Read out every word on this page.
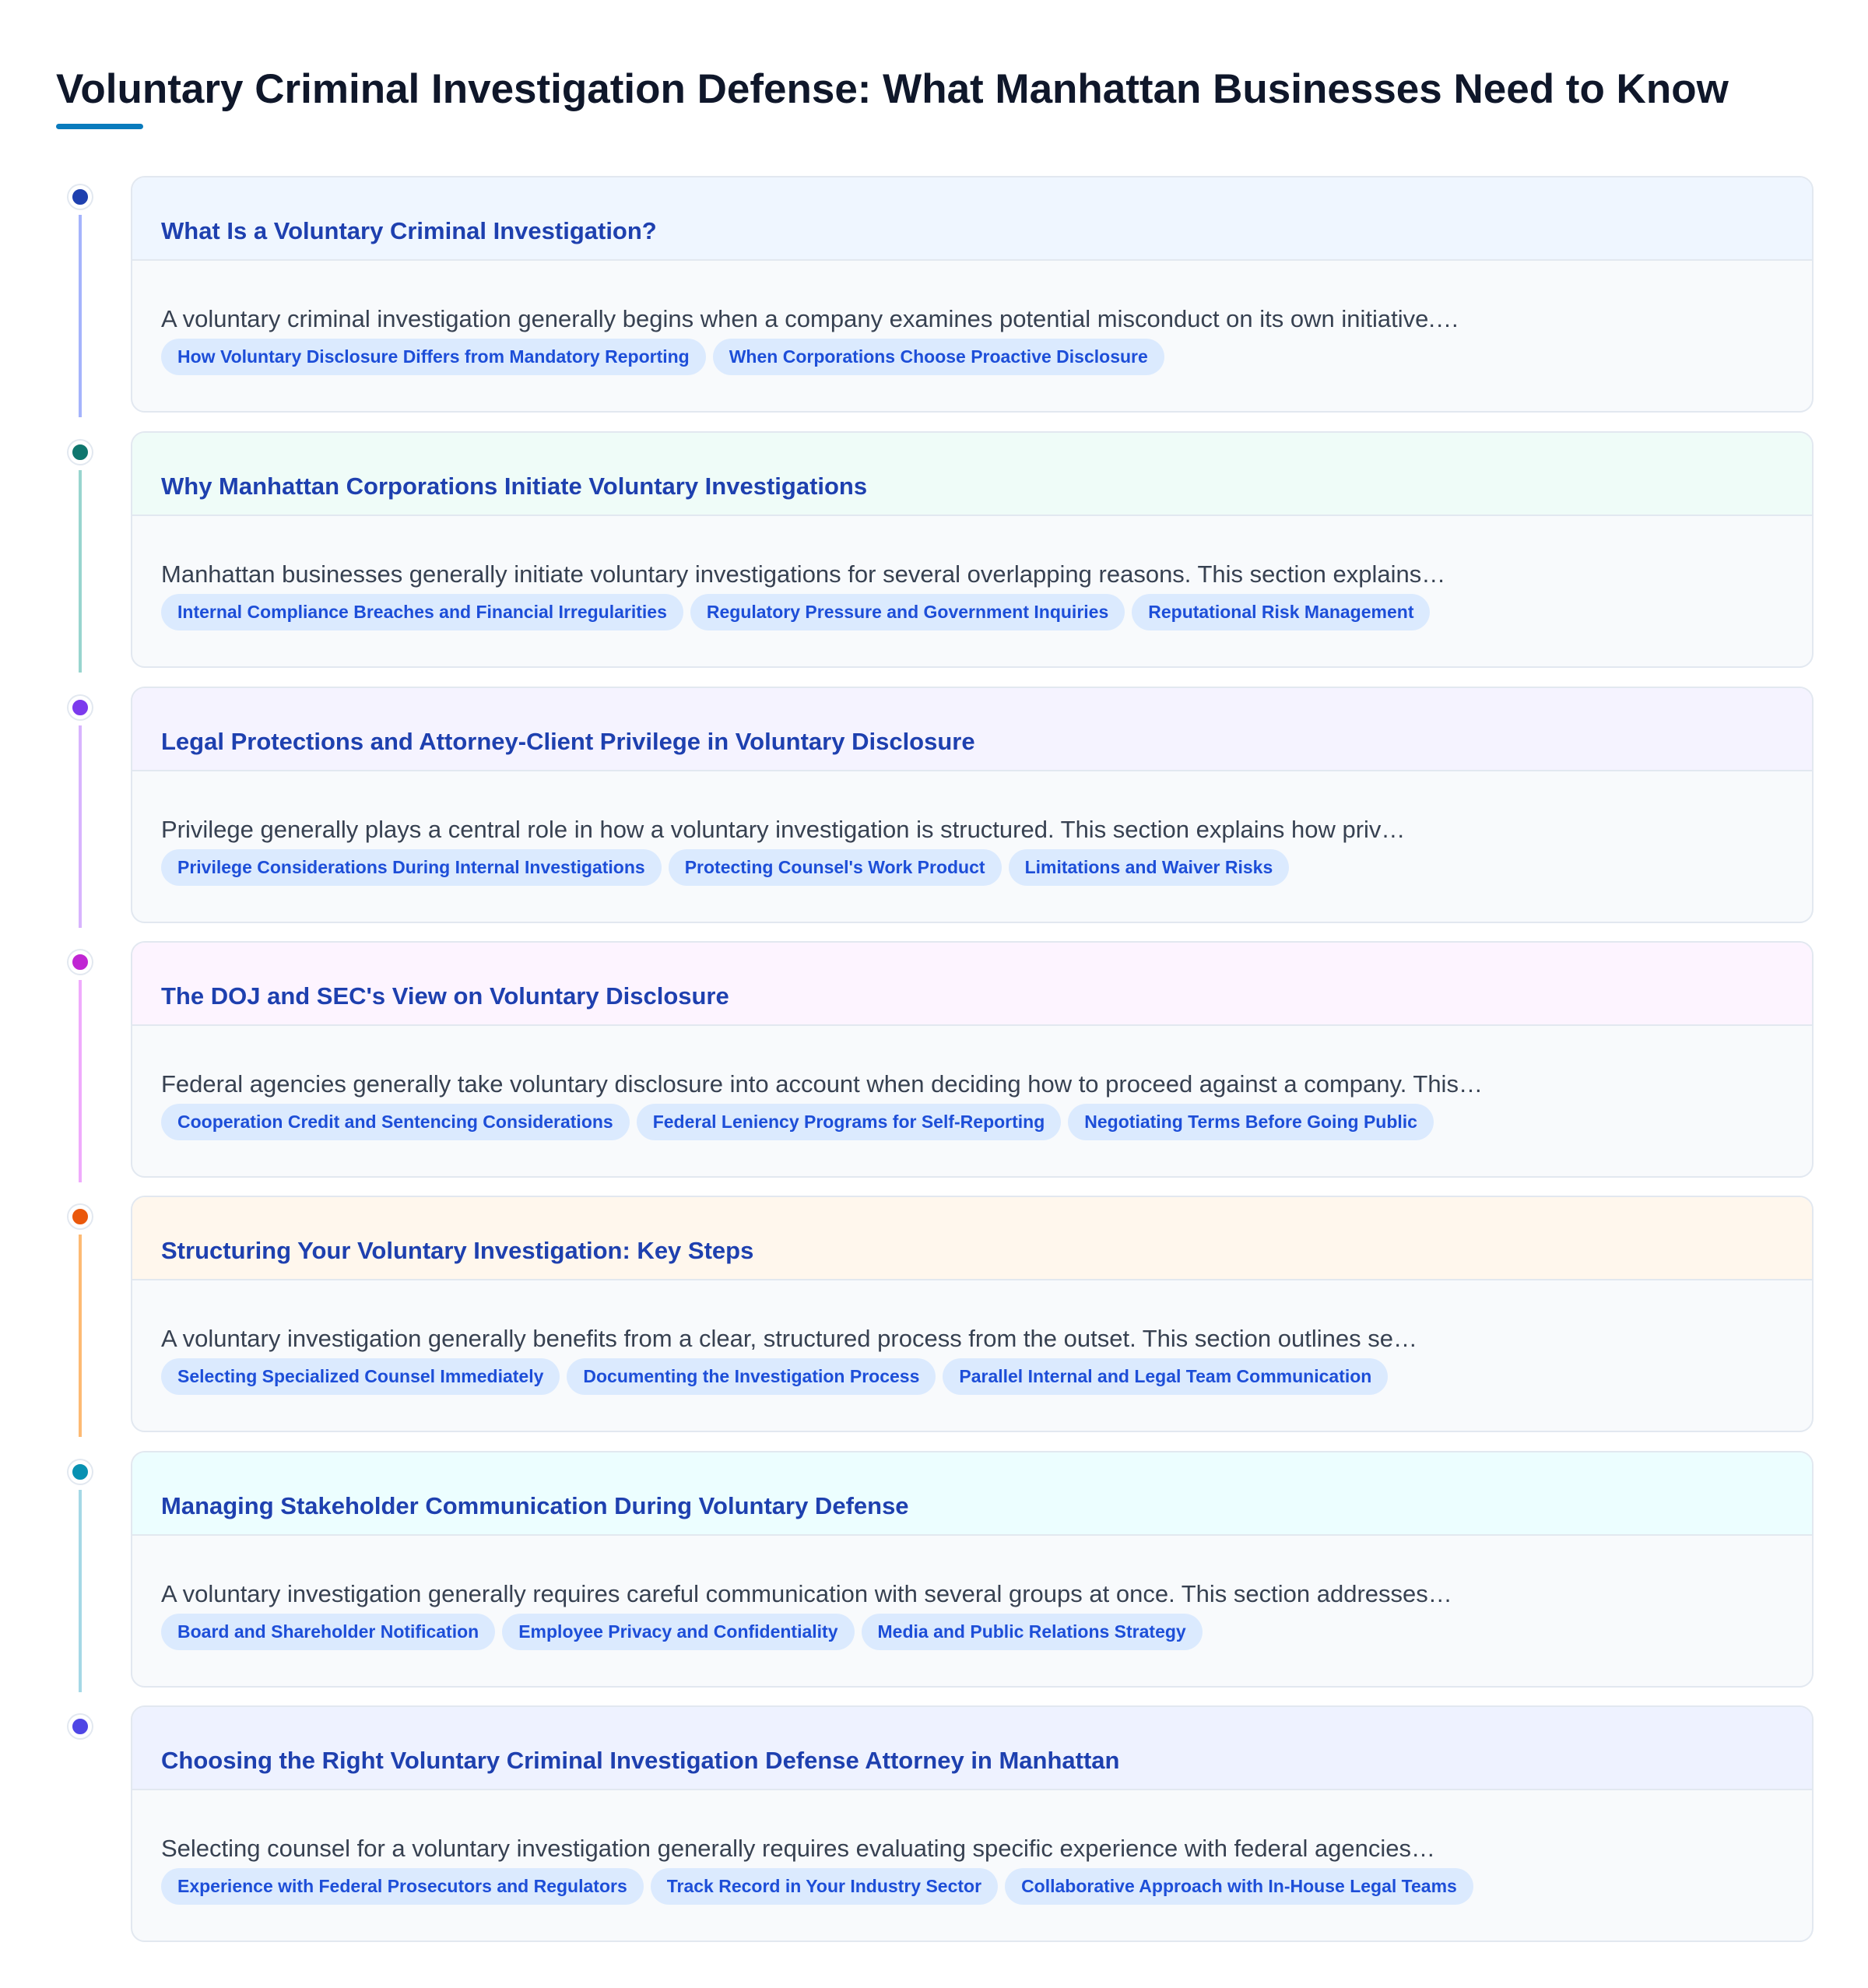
Voluntary Criminal Investigation Defense: What Manhattan Businesses Need to Know
What Is a Voluntary Criminal Investigation?

A voluntary criminal investigation generally begins when a company examines potential misconduct on its own initiative.…

How Voluntary Disclosure Differs from Mandatory Reporting	When Corporations Choose Proactive Disclosure
Why Manhattan Corporations Initiate Voluntary Investigations

Manhattan businesses generally initiate voluntary investigations for several overlapping reasons. This section explains…

Internal Compliance Breaches and Financial Irregularities	Regulatory Pressure and Government Inquiries	Reputational Risk Management
Legal Protections and Attorney-Client Privilege in Voluntary Disclosure

Privilege generally plays a central role in how a voluntary investigation is structured. This section explains how priv…

Privilege Considerations During Internal Investigations	Protecting Counsel's Work Product	Limitations and Waiver Risks
The DOJ and SEC's View on Voluntary Disclosure

Federal agencies generally take voluntary disclosure into account when deciding how to proceed against a company. This…

Cooperation Credit and Sentencing Considerations	Federal Leniency Programs for Self-Reporting	Negotiating Terms Before Going Public
Structuring Your Voluntary Investigation: Key Steps

A voluntary investigation generally benefits from a clear, structured process from the outset. This section outlines se…

Selecting Specialized Counsel Immediately	Documenting the Investigation Process	Parallel Internal and Legal Team Communication
Managing Stakeholder Communication During Voluntary Defense

A voluntary investigation generally requires careful communication with several groups at once. This section addresses…

Board and Shareholder Notification	Employee Privacy and Confidentiality	Media and Public Relations Strategy
Choosing the Right Voluntary Criminal Investigation Defense Attorney in Manhattan

Selecting counsel for a voluntary investigation generally requires evaluating specific experience with federal agencies…

Experience with Federal Prosecutors and Regulators	Track Record in Your Industry Sector	Collaborative Approach with In-House Legal Teams
